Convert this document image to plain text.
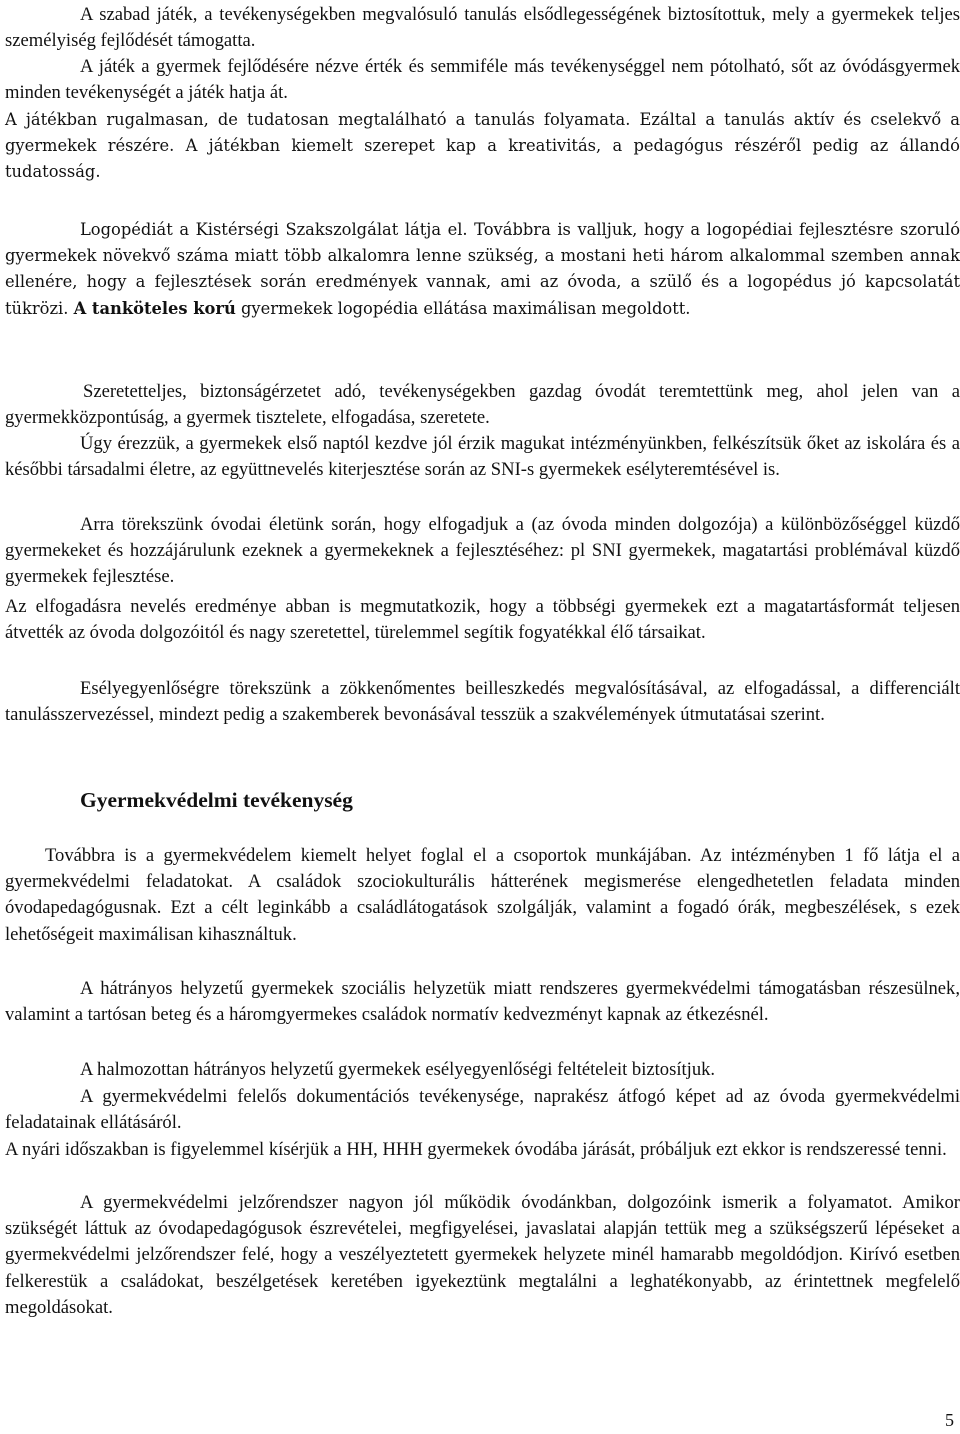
A szabad játék, a tevékenységekben megvalósuló tanulás elsődlegességének biztosítottuk, mely a gyermekek teljes személyiség fejlődését támogatta.

A játék a gyermek fejlődésére nézve érték és semmiféle más tevékenységgel nem pótolható, sőt az óvódásgyermek minden tevékenységét a játék hatja át.

A játékban rugalmasan, de tudatosan megtalálható a tanulás folyamata. Ezáltal a tanulás aktív és cselekvő a gyermekek részére. A játékban kiemelt szerepet kap a kreativitás, a pedagógus részéről pedig az állandó tudatosság.

Logopédiát a Kistérségi Szakszolgálat látja el. Továbbra is valljuk, hogy a logopédiai fejlesztésre szoruló gyermekek növekvő száma miatt több alkalomra lenne szükség, a mostani heti három alkalommal szemben annak ellenére, hogy a fejlesztések során eredmények vannak, ami az óvoda, a szülő és a logopédus jó kapcsolatát tükrözi. A tanköteles korú gyermekek logopédia ellátása maximálisan megoldott.

Szeretetteljes, biztonságérzetet adó, tevékenységekben gazdag óvodát teremtettünk meg, ahol jelen van a gyermekközpontúság, a gyermek tisztelete, elfogadása, szeretete.

Úgy érezzük, a gyermekek első naptól kezdve jól érzik magukat intézményünkben, felkészítsük őket az iskolára és a későbbi társadalmi életre, az együttnevelés kiterjesztése során az SNI-s gyermekek esélyteremtésével is.

Arra törekszünk óvodai életünk során, hogy elfogadjuk a (az óvoda minden dolgozója) a különbözőséggel küzdő gyermekeket és hozzájárulunk ezeknek a gyermekeknek a fejlesztéséhez: pl SNI gyermekek, magatartási problémával küzdő gyermekek fejlesztése.

Az elfogadásra nevelés eredménye abban is megmutatkozik, hogy a többségi gyermekek ezt a magatartásformát teljesen átvették az óvoda dolgozóitól és nagy szeretettel, türelemmel segítik fogyatékkal élő társaikat.

Esélyegyenlőségre törekszünk a zökkenőmentes beilleszkedés megvalósításával, az elfogadással, a differenciált tanulásszervezéssel, mindezt pedig a szakemberek bevonásával tesszük a szakvélemények útmutatásai szerint.

Gyermekvédelmi tevékenység

Továbbra is a gyermekvédelem kiemelt helyet foglal el a csoportok munkájában. Az intézményben 1 fő látja el a gyermekvédelmi feladatokat. A családok szociokulturális hátterének megismerése elengedhetetlen feladata minden óvodapedagógusnak. Ezt a célt leginkább a családlátogatások szolgálják, valamint a fogadó órák, megbeszélések, s ezek lehetőségeit maximálisan kihasználtuk.

A hátrányos helyzetű gyermekek szociális helyzetük miatt rendszeres gyermekvédelmi támogatásban részesülnek, valamint a tartósan beteg és a háromgyermekes családok normatív kedvezményt kapnak az étkezésnél.

A halmozottan hátrányos helyzetű gyermekek esélyegyenlőségi feltételeit biztosítjuk.

A gyermekvédelmi felelős dokumentációs tevékenysége, naprakész átfogó képet ad az óvoda gyermekvédelmi feladatainak ellátásáról.

A nyári időszakban is figyelemmel kísérjük a HH, HHH gyermekek óvodába járását, próbáljuk ezt ekkor is rendszeressé tenni.

A gyermekvédelmi jelzőrendszer nagyon jól működik óvodánkban, dolgozóink ismerik a folyamatot. Amikor szükségét láttuk az óvodapedagógusok észrevételei, megfigyelései, javaslatai alapján tettük meg a szükségszerű lépéseket a gyermekvédelmi jelzőrendszer felé, hogy a veszélyeztetett gyermekek helyzete minél hamarabb megoldódjon. Kirívó esetben felkerestük a családokat, beszélgetések keretében igyekeztünk megtalálni a leghatékonyabb, az érintettnek megfelelő megoldásokat.

5
